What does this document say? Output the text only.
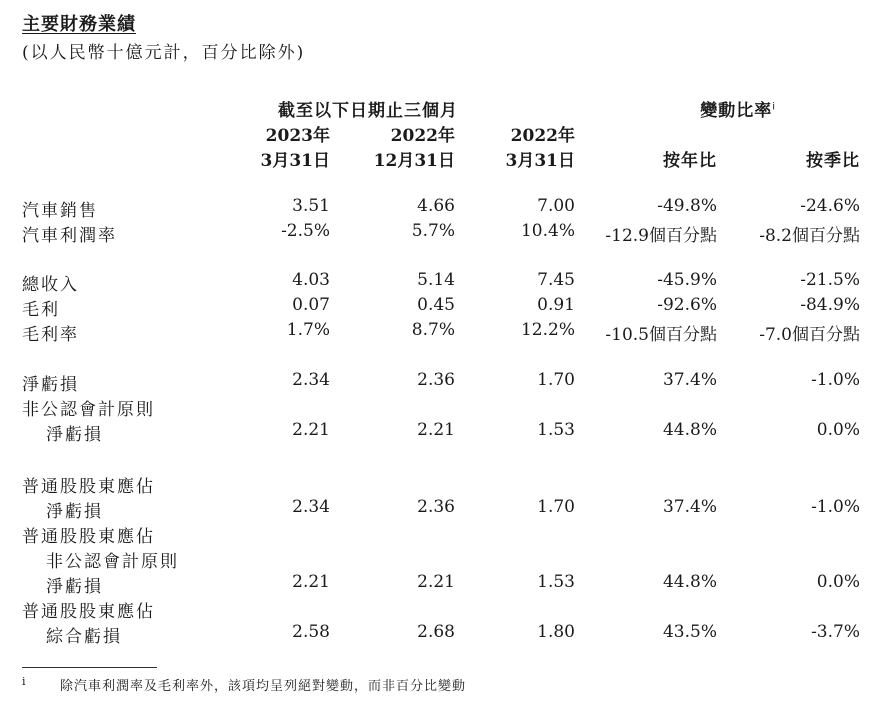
主要財務業績
(以人民幣十億元計，百分比除外)
截至以下日期止三個月	變動比率$^i$
2023年	2022年	2022年
3月31日	12月31日	3月31日	按年比	按季比
汽車銷售	3.51	4.66	7.00	-49.8%	-24.6%
汽車利潤率	-2.5%	5.7%	10.4% -12.9個百分點 -8.2個百分點
總收入	4.03	5.14	7.45	-45.9%	-21.5%
毛利	0.07	0.45	0.91	-92.6%	-84.9%
毛利率	1.7%	8.7%	12.2% -10.5個百分點 -7.0個百分點
淨虧損	2.34	2.36	1.70	37.4%	-1.0%
非公認會計原則
淨虧損	2.21	2.21	1.53	44.8%	0.0%
普通股股東應佔
淨虧損	2.34	2.36	1.70	37.4%	-1.0%
普通股股東應佔
非公認會計原則
淨虧損	2.21	2.21	1.53	44.8%	0.0%
普通股股東應佔
綜合虧損	2.58	2.68	1.80	43.5%	-3.7%
i	除汽車利潤率及毛利率外，該項均呈列絕對變動，而非百分比變動
